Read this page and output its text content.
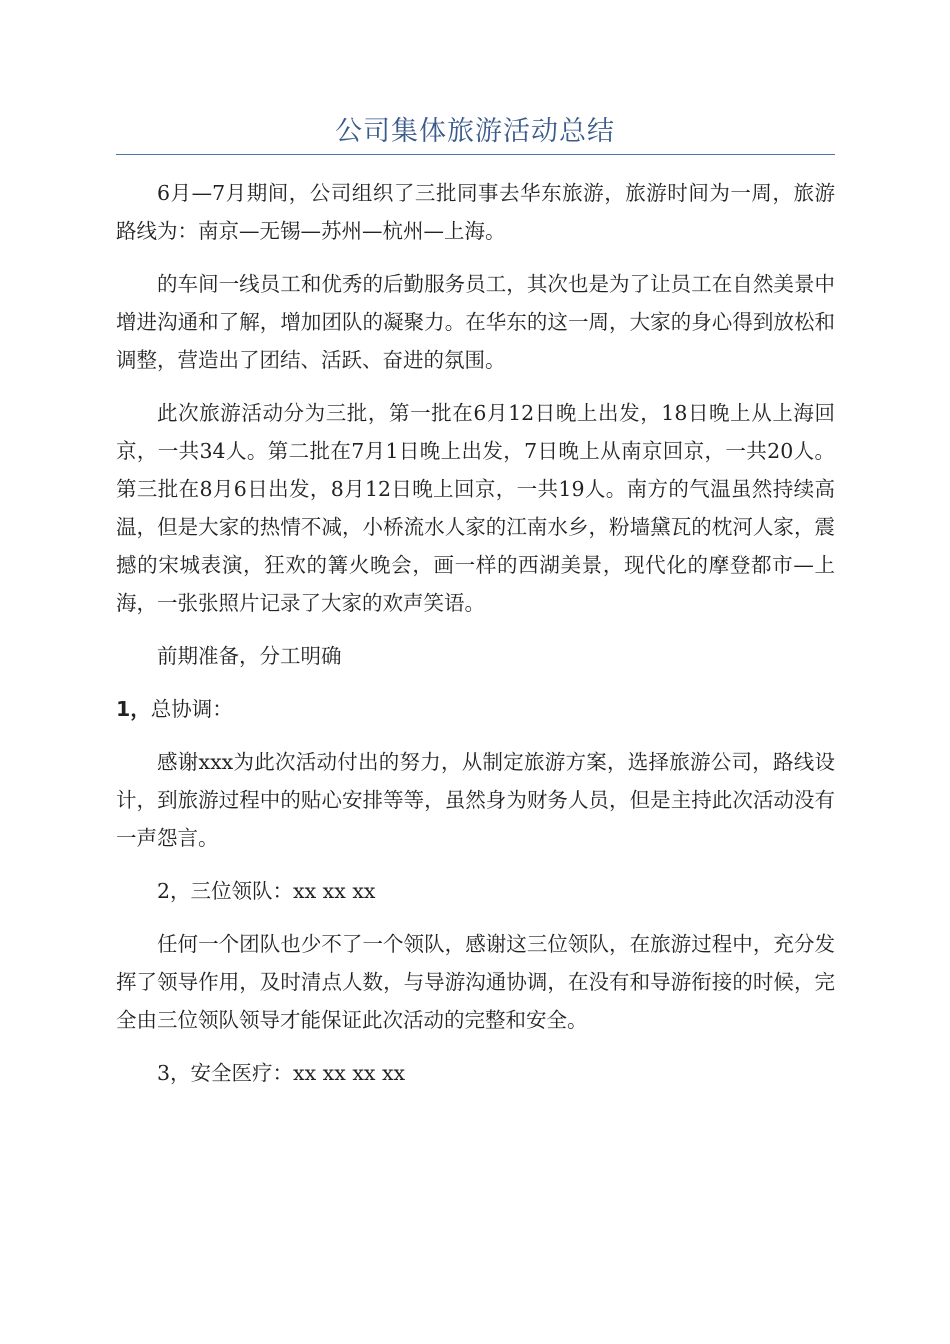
公司集体旅游活动总结

6月—7月期间，公司组织了三批同事去华东旅游，旅游时间为一周，旅游路线为：南京—无锡—苏州—杭州—上海。

的车间一线员工和优秀的后勤服务员工，其次也是为了让员工在自然美景中增进沟通和了解，增加团队的凝聚力。在华东的这一周，大家的身心得到放松和调整，营造出了团结、活跃、奋进的氛围。

此次旅游活动分为三批，第一批在6月12日晚上出发，18日晚上从上海回京，一共34人。第二批在7月1日晚上出发，7日晚上从南京回京，一共20人。第三批在8月6日出发，8月12日晚上回京，一共19人。南方的气温虽然持续高温，但是大家的热情不减，小桥流水人家的江南水乡，粉墙黛瓦的枕河人家，震撼的宋城表演，狂欢的篝火晚会，画一样的西湖美景，现代化的摩登都市—上海，一张张照片记录了大家的欢声笑语。

前期准备，分工明确

1，总协调：

感谢xxx为此次活动付出的努力，从制定旅游方案，选择旅游公司，路线设计，到旅游过程中的贴心安排等等，虽然身为财务人员，但是主持此次活动没有一声怨言。

2，三位领队：xx xx xx

任何一个团队也少不了一个领队，感谢这三位领队，在旅游过程中，充分发挥了领导作用，及时清点人数，与导游沟通协调，在没有和导游衔接的时候，完全由三位领队领导才能保证此次活动的完整和安全。

3，安全医疗：xx xx xx xx
